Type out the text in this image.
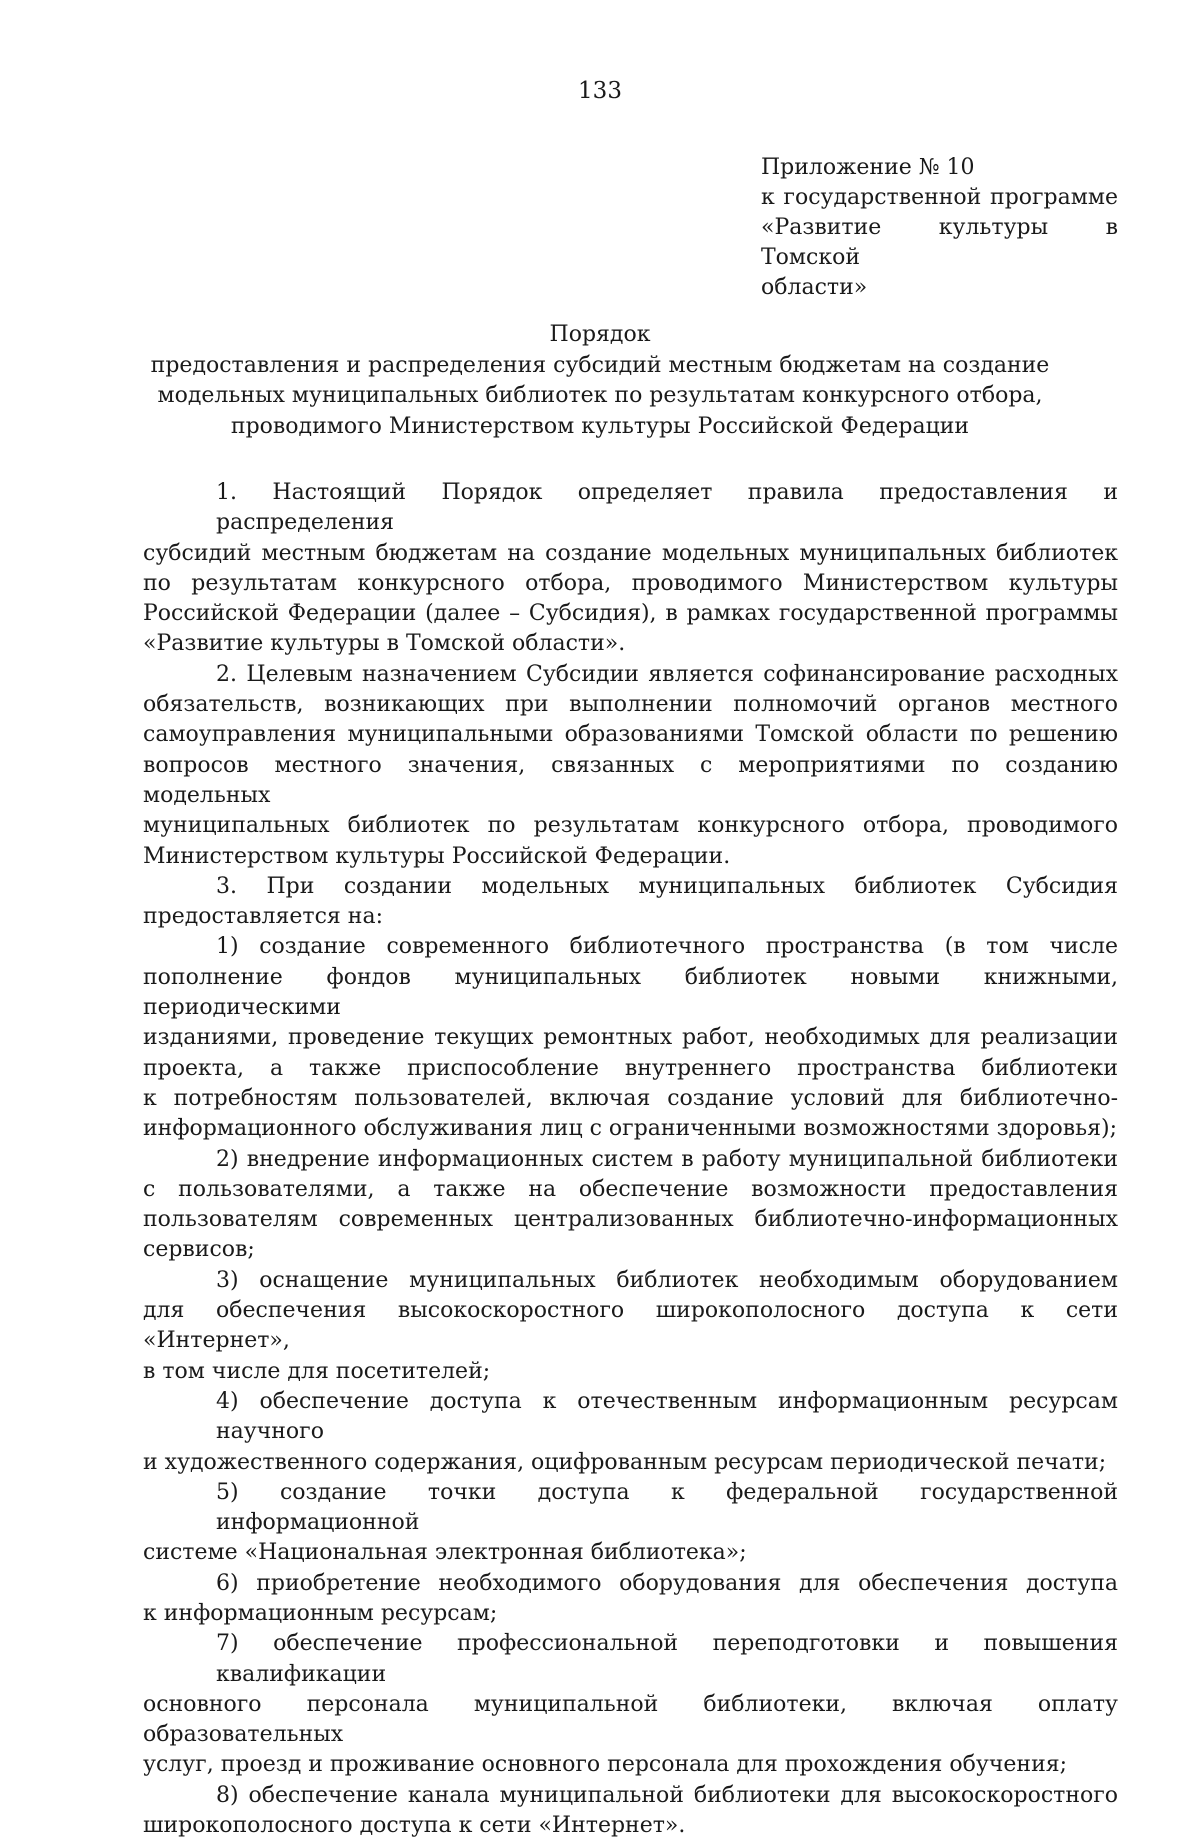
133
Приложение № 10
к государственной программе
«Развитие культуры в Томской
области»
Порядок
предоставления и распределения субсидий местным бюджетам на создание
модельных муниципальных библиотек по результатам конкурсного отбора,
проводимого Министерством культуры Российской Федерации
1. Настоящий Порядок определяет правила предоставления и распределения
субсидий местным бюджетам на создание модельных муниципальных библиотек
по результатам конкурсного отбора, проводимого Министерством культуры
Российской Федерации (далее – Субсидия), в рамках государственной программы
«Развитие культуры в Томской области».
2. Целевым назначением Субсидии является софинансирование расходных
обязательств, возникающих при выполнении полномочий органов местного
самоуправления муниципальными образованиями Томской области по решению
вопросов местного значения, связанных с мероприятиями по созданию модельных
муниципальных библиотек по результатам конкурсного отбора, проводимого
Министерством культуры Российской Федерации.
3. При создании модельных муниципальных библиотек Субсидия
предоставляется на:
1) создание современного библиотечного пространства (в том числе
пополнение фондов муниципальных библиотек новыми книжными, периодическими
изданиями, проведение текущих ремонтных работ, необходимых для реализации
проекта, а также приспособление внутреннего пространства библиотеки
к потребностям пользователей, включая создание условий для библиотечно-
информационного обслуживания лиц с ограниченными возможностями здоровья);
2) внедрение информационных систем в работу муниципальной библиотеки
с пользователями, а также на обеспечение возможности предоставления
пользователям современных централизованных библиотечно-информационных
сервисов;
3) оснащение муниципальных библиотек необходимым оборудованием
для обеспечения высокоскоростного широкополосного доступа к сети «Интернет»,
в том числе для посетителей;
4) обеспечение доступа к отечественным информационным ресурсам научного
и художественного содержания, оцифрованным ресурсам периодической печати;
5) создание точки доступа к федеральной государственной информационной
системе «Национальная электронная библиотека»;
6) приобретение необходимого оборудования для обеспечения доступа
к информационным ресурсам;
7) обеспечение профессиональной переподготовки и повышения квалификации
основного персонала муниципальной библиотеки, включая оплату образовательных
услуг, проезд и проживание основного персонала для прохождения обучения;
8) обеспечение канала муниципальной библиотеки для высокоскоростного
широкополосного доступа к сети «Интернет».
